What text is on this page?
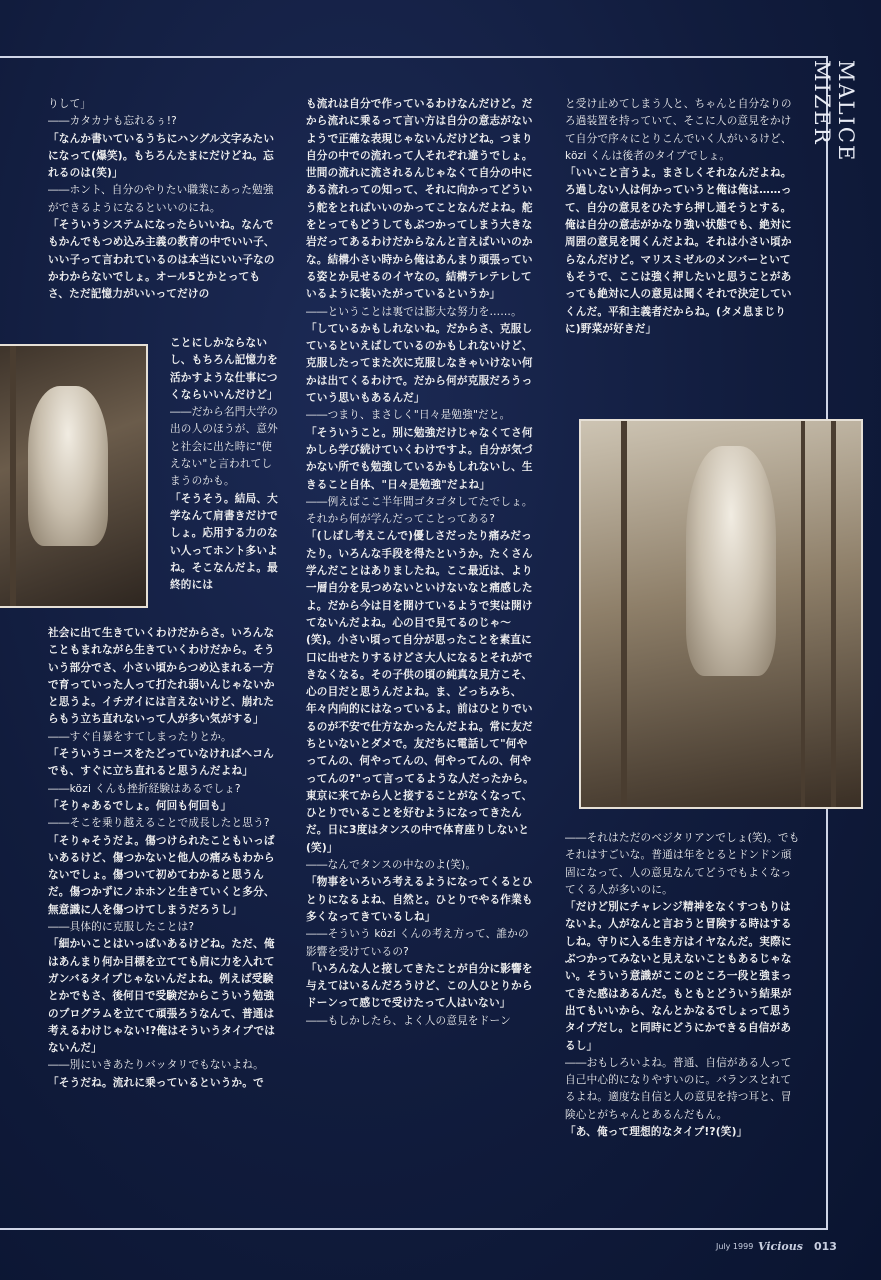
MALICE MIZER

りして」

――カタカナも忘れるぅ!?

「なんか書いているうちにハングル文字みたいになって(爆笑)。もちろんたまにだけどね。忘れるのは(笑)」

――ホント、自分のやりたい職業にあった勉強ができるようになるといいのにね。

「そういうシステムになったらいいね。なんでもかんでもつめ込み主義の教育の中でいい子、いい子って言われているのは本当にいい子なのかわからないでしょ。オール5とかとってもさ、ただ記憶力がいいってだけの

ことにしかならないし、もちろん記憶力を活かすような仕事につくならいいんだけど」

――だから名門大学の出の人のほうが、意外と社会に出た時に"使えない"と言われてしまうのかも。

「そうそう。結局、大学なんて肩書きだけでしょ。応用する力のない人ってホント多いよね。そこなんだよ。最終的には

社会に出て生きていくわけだからさ。いろんなこともまれながら生きていくわけだから。そういう部分でさ、小さい頃からつめ込まれる一方で育っていった人って打たれ弱いんじゃないかと思うよ。イチガイには言えないけど、崩れたらもう立ち直れないって人が多い気がする」

――すぐ自暴をすてしまったりとか。

「そういうコースをたどっていなければヘコんでも、すぐに立ち直れると思うんだよね」

――közi くんも挫折経験はあるでしょ?

「そりゃあるでしょ。何回も何回も」

――そこを乗り越えることで成長したと思う?

「そりゃそうだよ。傷つけられたこともいっぱいあるけど、傷つかないと他人の痛みもわからないでしょ。傷ついて初めてわかると思うんだ。傷つかずにノホホンと生きていくと多分、無意識に人を傷つけてしまうだろうし」

――具体的に克服したことは?

「細かいことはいっぱいあるけどね。ただ、俺はあんまり何か目標を立てても肩に力を入れてガンバるタイプじゃないんだよね。例えば受験とかでもさ、後何日で受験だからこういう勉強のプログラムを立てて頑張ろうなんて、普通は考えるわけじゃない!?俺はそういうタイプではないんだ」

――別にいきあたりバッタリでもないよね。

「そうだね。流れに乗っているというか。で

も流れは自分で作っているわけなんだけど。だから流れに乗るって言い方は自分の意志がないようで正確な表現じゃないんだけどね。つまり自分の中での流れって人それぞれ違うでしょ。世間の流れに流されるんじゃなくて自分の中にある流れっての知って、それに向かってどういう舵をとればいいのかってことなんだよね。舵をとってもどうしてもぶつかってしまう大きな岩だってあるわけだからなんと言えばいいのかな。結構小さい時から俺はあんまり頑張っている姿とか見せるのイヤなの。結構テレテレしているように装いたがっているというか」

――ということは裏では膨大な努力を……。

「しているかもしれないね。だからさ、克服しているといえばしているのかもしれないけど、克服したってまた次に克服しなきゃいけない何かは出てくるわけで。だから何が克服だろうっていう思いもあるんだ」

――つまり、まさしく"日々是勉強"だと。

「そういうこと。別に勉強だけじゃなくてさ何かしら学び続けていくわけですよ。自分が気づかない所でも勉強しているかもしれないし、生きること自体、"日々是勉強"だよね」

――例えばここ半年間ゴタゴタしてたでしょ。それから何が学んだってことってある?

「(しばし考えこんで)優しさだったり痛みだったり。いろんな手段を得たというか。たくさん学んだことはありましたね。ここ最近は、より一層自分を見つめないといけないなと痛感したよ。だから今は目を開けているようで実は開けてないんだよね。心の目で見てるのじゃ〜(笑)。小さい頃って自分が思ったことを素直に口に出せたりするけどさ大人になるとそれができなくなる。その子供の頃の純真な見方こそ、心の目だと思うんだよね。ま、どっちみち、年々内向的にはなっているよ。前はひとりでいるのが不安で仕方なかったんだよね。常に友だちといないとダメで。友だちに電話して"何やってんの、何やってんの、何やってんの、何やってんの?"って言ってるような人だったから。東京に来てから人と接することがなくなって、ひとりでいることを好むようになってきたんだ。日に3度はタンスの中で体育座りしないと(笑)」

――なんでタンスの中なのよ(笑)。

「物事をいろいろ考えるようになってくるとひとりになるよね、自然と。ひとりでやる作業も多くなってきているしね」

――そういう közi くんの考え方って、誰かの影響を受けているの?

「いろんな人と接してきたことが自分に影響を与えてはいるんだろうけど、この人ひとりからドーンって感じで受けたって人はいない」

――もしかしたら、よく人の意見をドーン

と受け止めてしまう人と、ちゃんと自分なりのろ過装置を持っていて、そこに人の意見をかけて自分で序々にとりこんでいく人がいるけど、közi くんは後者のタイプでしょ。

「いいこと言うよ。まさしくそれなんだよね。ろ過しない人は何かっていうと俺は俺は……って、自分の意見をひたすら押し通そうとする。俺は自分の意志がかなり強い状態でも、絶対に周囲の意見を聞くんだよね。それは小さい頃からなんだけど。マリスミゼルのメンバーといてもそうで、ここは強く押したいと思うことがあっても絶対に人の意見は聞くそれで決定していくんだ。平和主義者だからね。(タメ息まじりに)野菜が好きだ」

――それはただのベジタリアンでしょ(笑)。でもそれはすごいな。普通は年をとるとドンドン頑固になって、人の意見なんてどうでもよくなってくる人が多いのに。

「だけど別にチャレンジ精神をなくすつもりはないよ。人がなんと言おうと冒険する時はするしね。守りに入る生き方はイヤなんだ。実際にぶつかってみないと見えないこともあるじゃない。そういう意識がここのところ一段と強まってきた感はあるんだ。もともとどういう結果が出てもいいから、なんとかなるでしょって思うタイプだし。と同時にどうにかできる自信があるし」

――おもしろいよね。普通、自信がある人って自己中心的になりやすいのに。バランスとれてるよね。適度な自信と人の意見を持つ耳と、冒険心とがちゃんとあるんだもん。

「あ、俺って理想的なタイプ!?(笑)」

July 1999 Vicious 013
